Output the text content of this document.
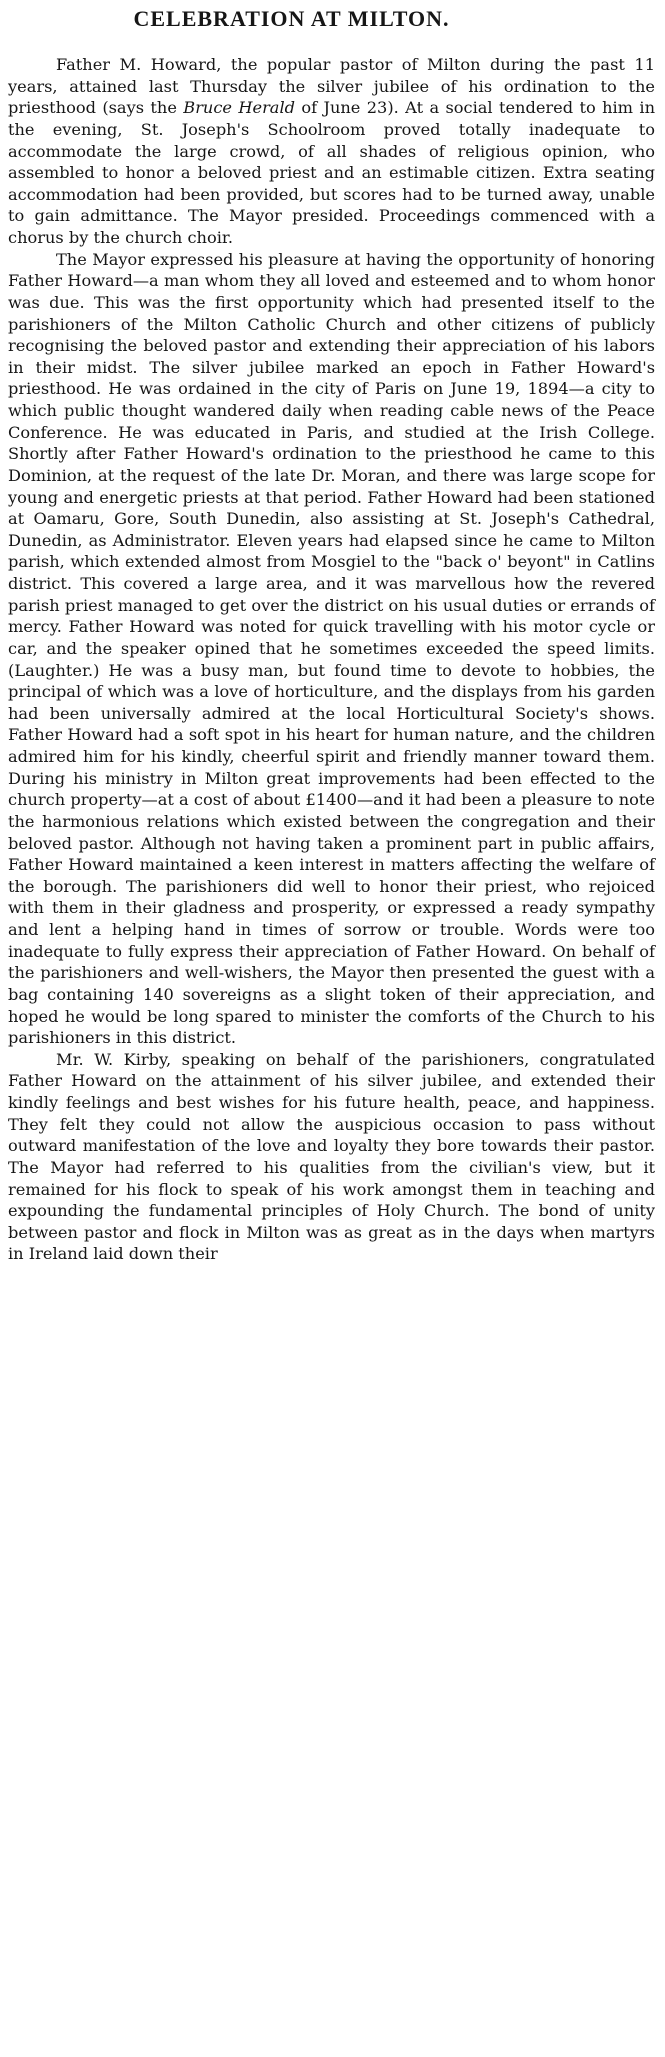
CELEBRATION AT MILTON.

Father M. Howard, the popular pastor of Milton during the past 11 years, attained last Thursday the silver jubilee of his ordination to the priesthood (says the Bruce Herald of June 23). At a social tendered to him in the evening, St. Joseph's Schoolroom proved totally inadequate to accommodate the large crowd, of all shades of religious opinion, who assembled to honor a beloved priest and an estimable citizen. Extra seating accommodation had been provided, but scores had to be turned away, unable to gain admittance. The Mayor presided. Proceedings commenced with a chorus by the church choir.

The Mayor expressed his pleasure at having the opportunity of honoring Father Howard—a man whom they all loved and esteemed and to whom honor was due. This was the first opportunity which had presented itself to the parishioners of the Milton Catholic Church and other citizens of publicly recognising the beloved pastor and extending their appreciation of his labors in their midst. The silver jubilee marked an epoch in Father Howard's priesthood. He was ordained in the city of Paris on June 19, 1894—a city to which public thought wandered daily when reading cable news of the Peace Conference. He was educated in Paris, and studied at the Irish College. Shortly after Father Howard's ordination to the priesthood he came to this Dominion, at the request of the late Dr. Moran, and there was large scope for young and energetic priests at that period. Father Howard had been stationed at Oamaru, Gore, South Dunedin, also assisting at St. Joseph's Cathedral, Dunedin, as Administrator. Eleven years had elapsed since he came to Milton parish, which extended almost from Mosgiel to the "back o' beyont" in Catlins district. This covered a large area, and it was marvellous how the revered parish priest managed to get over the district on his usual duties or errands of mercy. Father Howard was noted for quick travelling with his motor cycle or car, and the speaker opined that he sometimes exceeded the speed limits. (Laughter.) He was a busy man, but found time to devote to hobbies, the principal of which was a love of horticulture, and the displays from his garden had been universally admired at the local Horticultural Society's shows. Father Howard had a soft spot in his heart for human nature, and the children admired him for his kindly, cheerful spirit and friendly manner toward them. During his ministry in Milton great improvements had been effected to the church property—at a cost of about £1400—and it had been a pleasure to note the harmonious relations which existed between the congregation and their beloved pastor. Although not having taken a prominent part in public affairs, Father Howard maintained a keen interest in matters affecting the welfare of the borough. The parishioners did well to honor their priest, who rejoiced with them in their gladness and prosperity, or expressed a ready sympathy and lent a helping hand in times of sorrow or trouble. Words were too inadequate to fully express their appreciation of Father Howard. On behalf of the parishioners and well-wishers, the Mayor then presented the guest with a bag containing 140 sovereigns as a slight token of their appreciation, and hoped he would be long spared to minister the comforts of the Church to his parishioners in this district.

Mr. W. Kirby, speaking on behalf of the parishioners, congratulated Father Howard on the attainment of his silver jubilee, and extended their kindly feelings and best wishes for his future health, peace, and happiness. They felt they could not allow the auspicious occasion to pass without outward manifestation of the love and loyalty they bore towards their pastor. The Mayor had referred to his qualities from the civilian's view, but it remained for his flock to speak of his work amongst them in teaching and expounding the fundamental principles of Holy Church. The bond of unity between pastor and flock in Milton was as great as in the days when martyrs in Ireland laid down their
